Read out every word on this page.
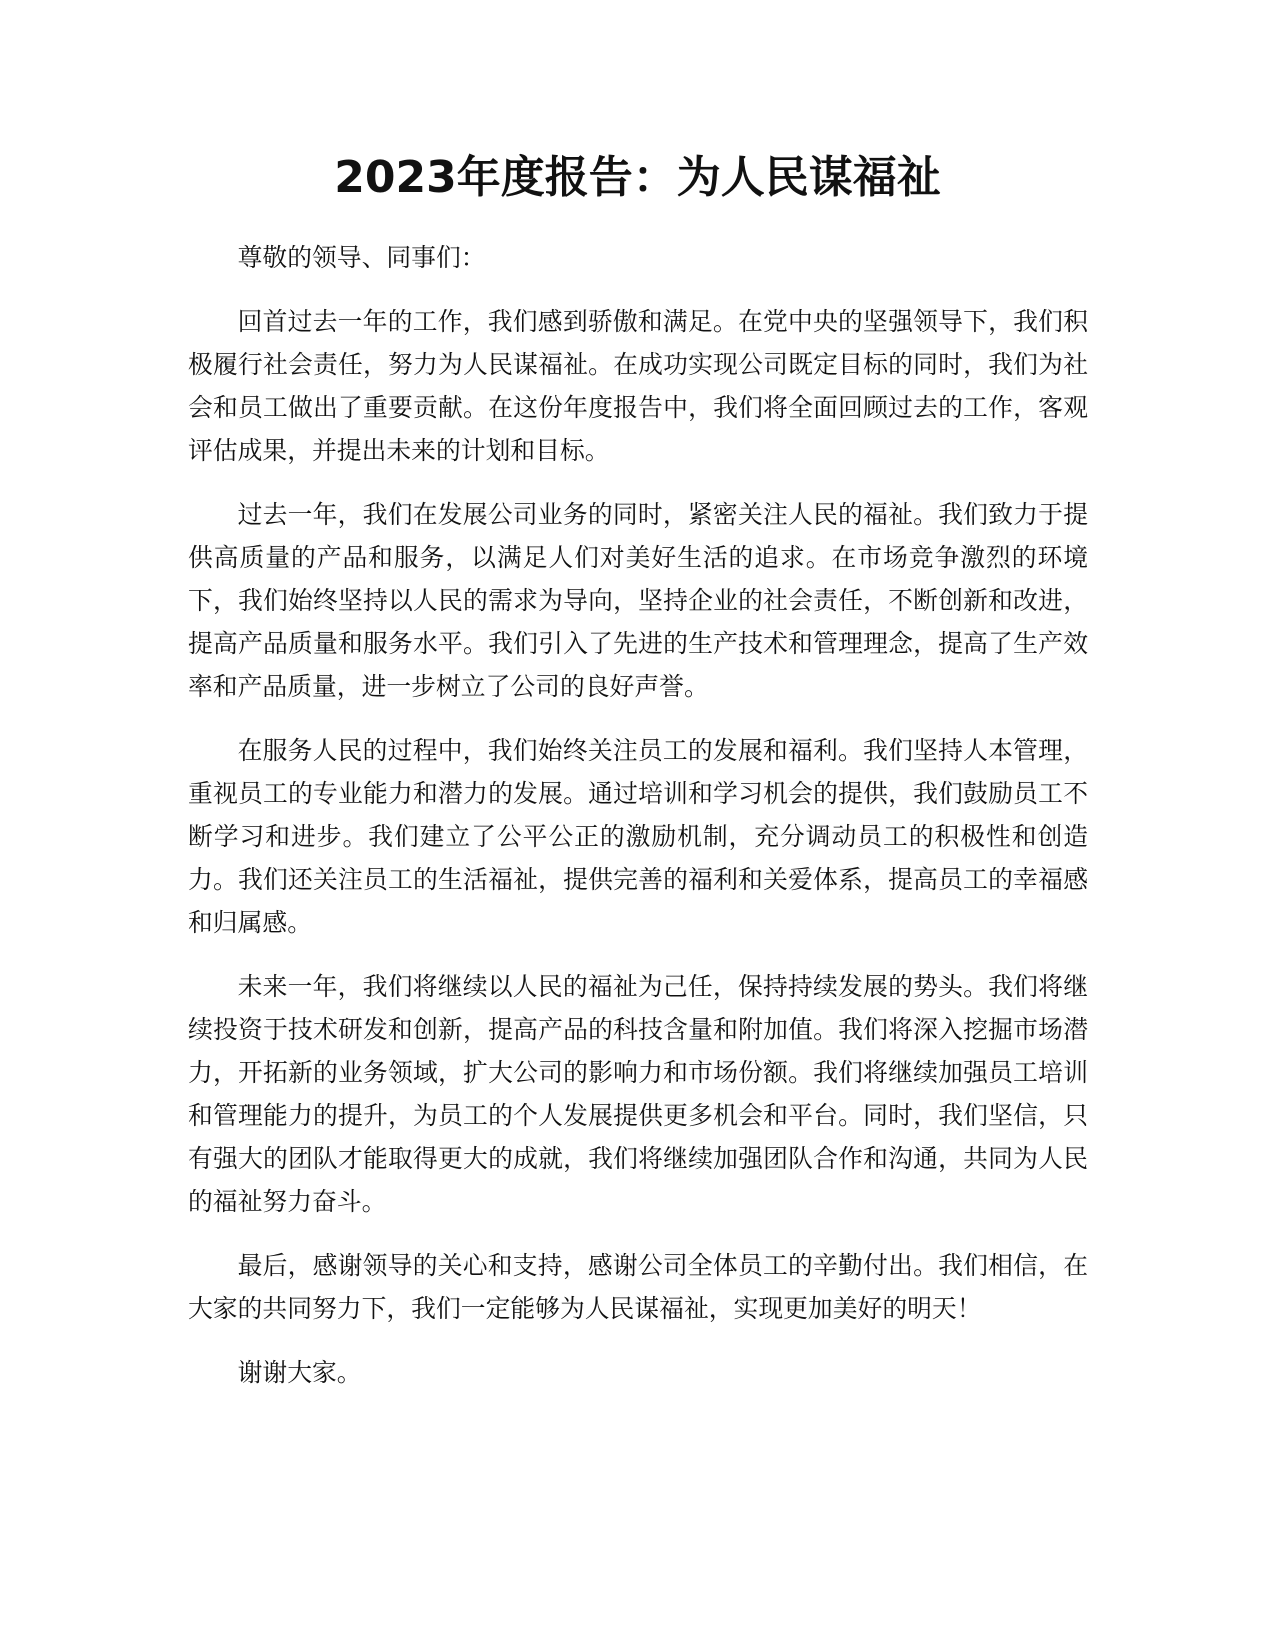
2023年度报告：为人民谋福祉

尊敬的领导、同事们：

回首过去一年的工作，我们感到骄傲和满足。在党中央的坚强领导下，我们积极履行社会责任，努力为人民谋福祉。在成功实现公司既定目标的同时，我们为社会和员工做出了重要贡献。在这份年度报告中，我们将全面回顾过去的工作，客观评估成果，并提出未来的计划和目标。

过去一年，我们在发展公司业务的同时，紧密关注人民的福祉。我们致力于提供高质量的产品和服务，以满足人们对美好生活的追求。在市场竞争激烈的环境下，我们始终坚持以人民的需求为导向，坚持企业的社会责任，不断创新和改进，提高产品质量和服务水平。我们引入了先进的生产技术和管理理念，提高了生产效率和产品质量，进一步树立了公司的良好声誉。

在服务人民的过程中，我们始终关注员工的发展和福利。我们坚持人本管理，重视员工的专业能力和潜力的发展。通过培训和学习机会的提供，我们鼓励员工不断学习和进步。我们建立了公平公正的激励机制，充分调动员工的积极性和创造力。我们还关注员工的生活福祉，提供完善的福利和关爱体系，提高员工的幸福感和归属感。

未来一年，我们将继续以人民的福祉为己任，保持持续发展的势头。我们将继续投资于技术研发和创新，提高产品的科技含量和附加值。我们将深入挖掘市场潜力，开拓新的业务领域，扩大公司的影响力和市场份额。我们将继续加强员工培训和管理能力的提升，为员工的个人发展提供更多机会和平台。同时，我们坚信，只有强大的团队才能取得更大的成就，我们将继续加强团队合作和沟通，共同为人民的福祉努力奋斗。

最后，感谢领导的关心和支持，感谢公司全体员工的辛勤付出。我们相信，在大家的共同努力下，我们一定能够为人民谋福祉，实现更加美好的明天！

谢谢大家。
